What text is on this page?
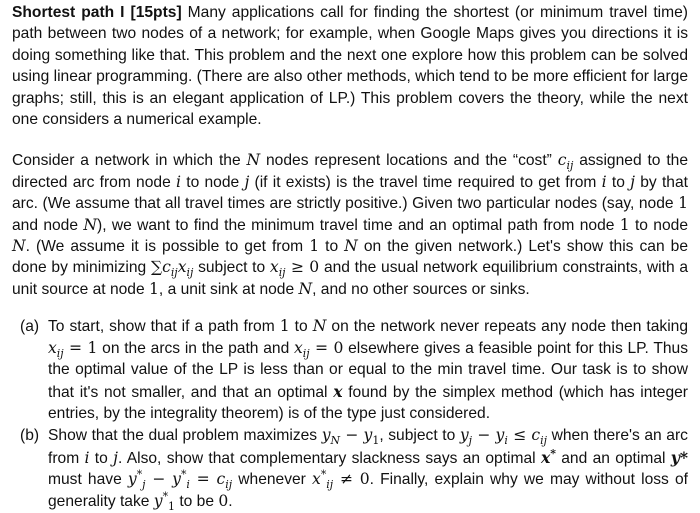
Shortest path I [15pts] Many applications call for finding the shortest (or minimum travel time) path between two nodes of a network; for example, when Google Maps gives you directions it is doing something like that. This problem and the next one explore how this problem can be solved using linear programming. (There are also other methods, which tend to be more efficient for large graphs; still, this is an elegant application of LP.) This problem covers the theory, while the next one considers a numerical example.

Consider a network in which the N nodes represent locations and the “cost” $c_{ij}$ assigned to the directed arc from node i to node j (if it exists) is the travel time required to get from i to j by that arc. (We assume that all travel times are strictly positive.) Given two particular nodes (say, node 1 and node N), we want to find the minimum travel time and an optimal path from node 1 to node N. (We assume it is possible to get from 1 to N on the given network.) Let's show this can be done by minimizing $\sum c_{ij}x_{ij}$ subject to $x_{ij} \ge 0$ and the usual network equilibrium constraints, with a unit source at node 1, a unit sink at node N, and no other sources or sinks.

(a) To start, show that if a path from 1 to N on the network never repeats any node then taking $x_{ij} = 1$ on the arcs in the path and $x_{ij} = 0$ elsewhere gives a feasible point for this LP. Thus the optimal value of the LP is less than or equal to the min travel time. Our task is to show that it's not smaller, and that an optimal x found by the simplex method (which has integer entries, by the integrality theorem) is of the type just considered.
(b) Show that the dual problem maximizes $y_N - y_1$, subject to $y_j - y_i \le c_{ij}$ when there's an arc from i to j. Also, show that complementary slackness says an optimal x* and an optimal y* must have $y^*_j - y^*_i = c_{ij}$ whenever $x^*_{ij} \ne 0$. Finally, explain why we may without loss of generality take $y^*_1$ to be 0.
